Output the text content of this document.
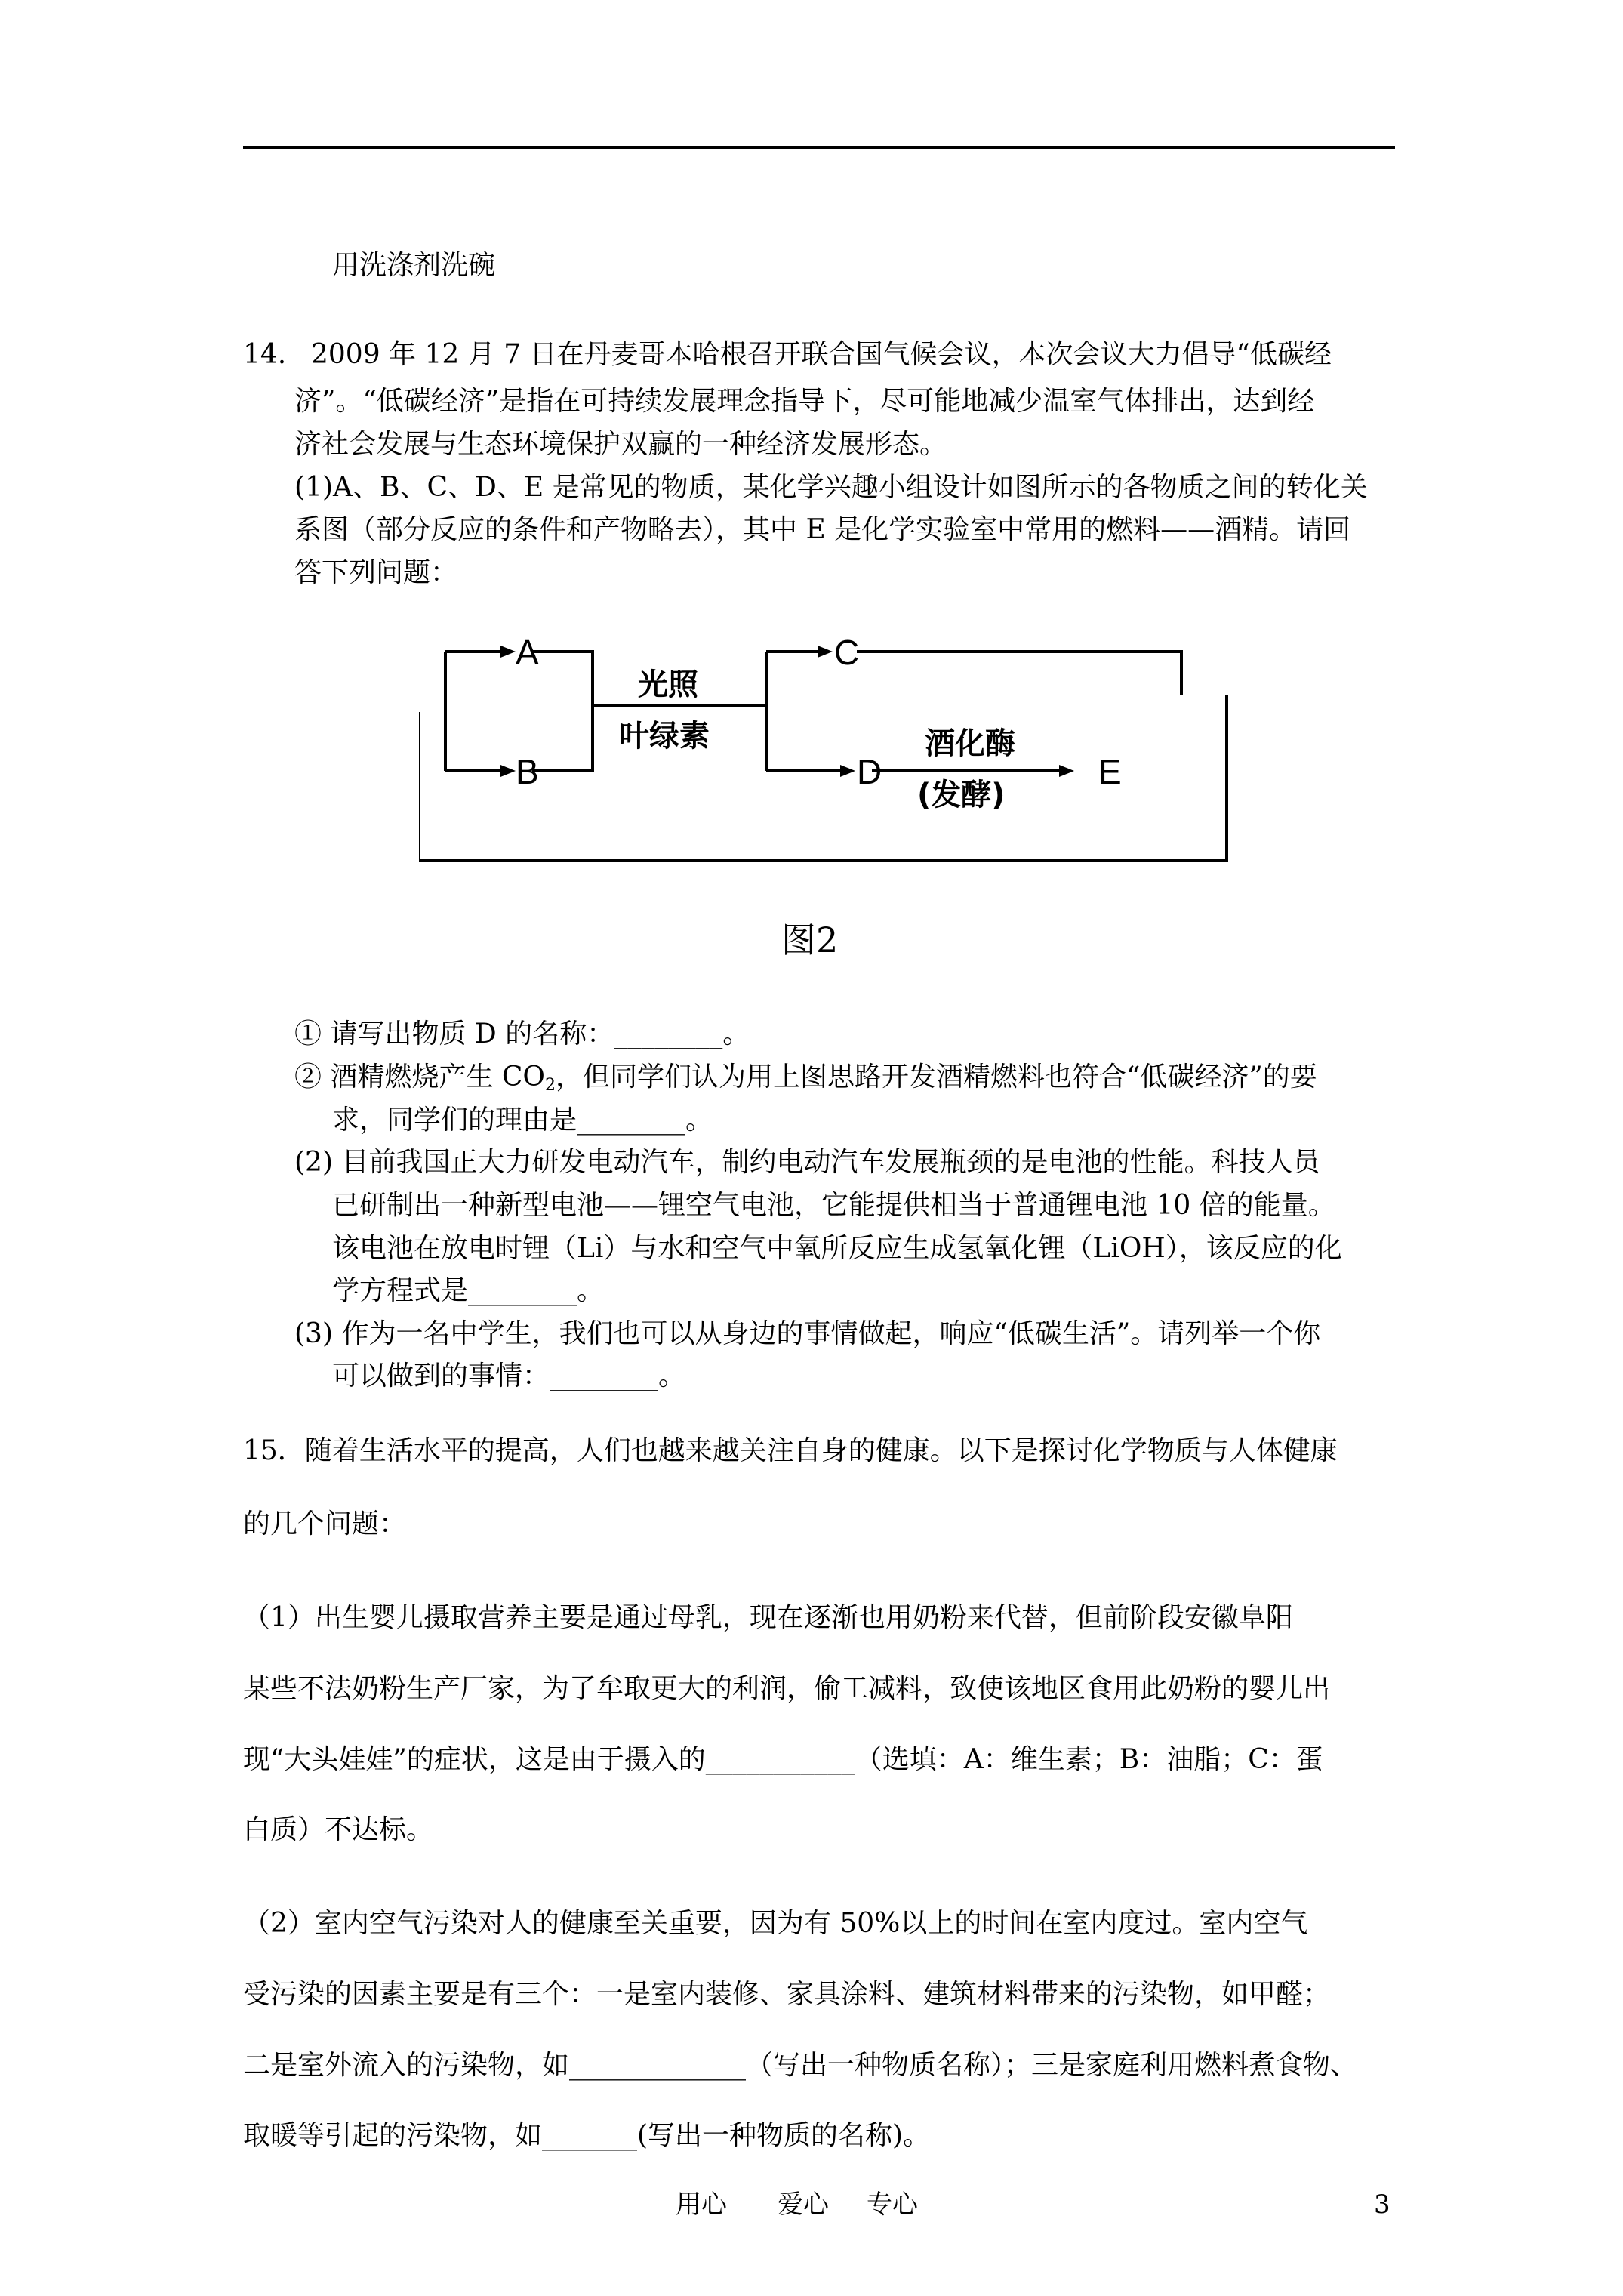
用洗涤剂洗碗
14. 2009 年 12 月 7 日在丹麦哥本哈根召开联合国气候会议，本次会议大力倡导“低碳经
济”。“低碳经济”是指在可持续发展理念指导下，尽可能地减少温室气体排出，达到经
济社会发展与生态环境保护双赢的一种经济发展形态。
(1)A、B、C、D、E 是常见的物质，某化学兴趣小组设计如图所示的各物质之间的转化关
系图（部分反应的条件和产物略去），其中 E 是化学实验室中常用的燃料——酒精。请回
答下列问题：
A
B
C
D	E
光照
叶绿素	酒化酶
(发酵)
图2
① 请写出物质 D 的名称：________。
② 酒精燃烧产生 $CO_2$，但同学们认为用上图思路开发酒精燃料也符合“低碳经济”的要
求，同学们的理由是________。
(2) 目前我国正大力研发电动汽车，制约电动汽车发展瓶颈的是电池的性能。科技人员
已研制出一种新型电池——锂空气电池，它能提供相当于普通锂电池 10 倍的能量。
该电池在放电时锂（Li）与水和空气中氧所反应生成氢氧化锂（LiOH），该反应的化
学方程式是________。
(3) 作为一名中学生，我们也可以从身边的事情做起，响应“低碳生活”。请列举一个你
可以做到的事情：________。
15．随着生活水平的提高，人们也越来越关注自身的健康。以下是探讨化学物质与人体健康
的几个问题：
（1）出生婴儿摄取营养主要是通过母乳，现在逐渐也用奶粉来代替，但前阶段安徽阜阳
某些不法奶粉生产厂家，为了牟取更大的利润，偷工减料，致使该地区食用此奶粉的婴儿出
现“大头娃娃”的症状，这是由于摄入的___________（选填：A：维生素；B：油脂；C：蛋
白质）不达标。
（2）室内空气污染对人的健康至关重要，因为有 50%以上的时间在室内度过。室内空气
受污染的因素主要是有三个：一是室内装修、家具涂料、建筑材料带来的污染物，如甲醛；
二是室外流入的污染物，如_____________（写出一种物质名称）；三是家庭利用燃料煮食物、
取暖等引起的污染物，如_______(写出一种物质的名称)。
用心 爱心 专心	3
